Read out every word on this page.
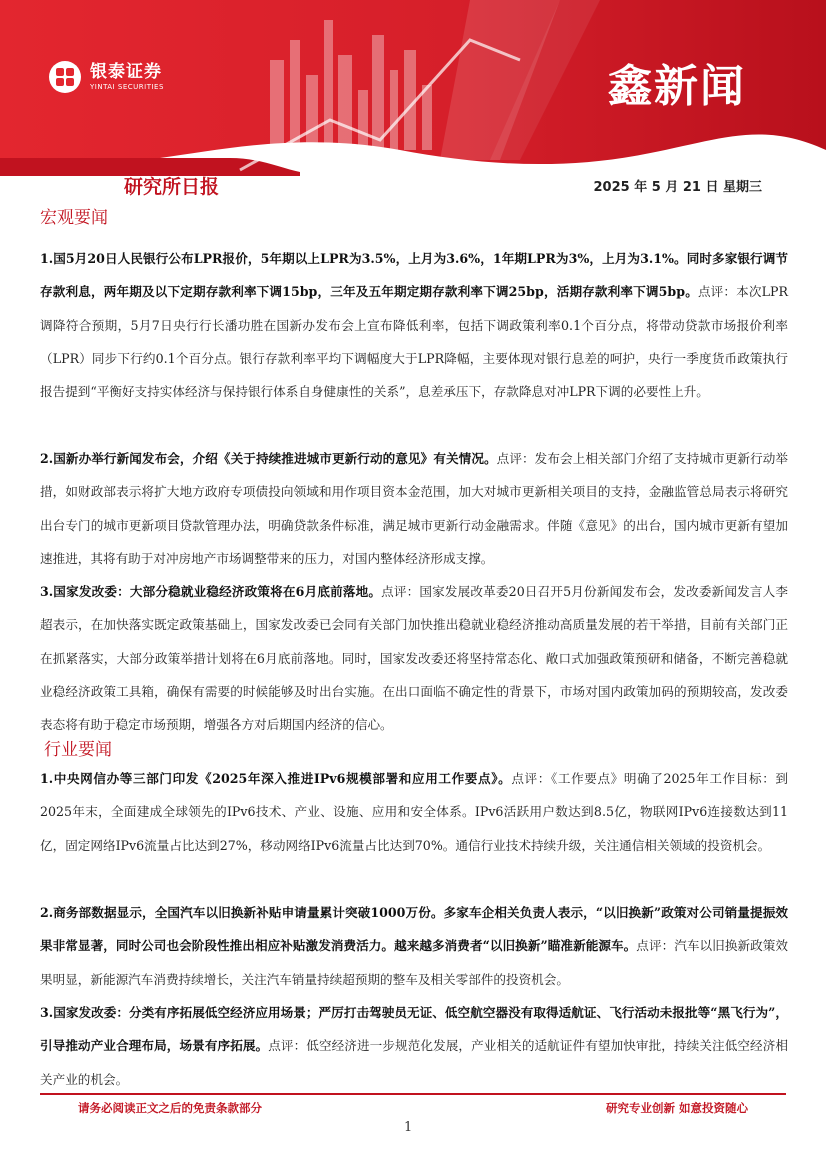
银泰证券
YINTAI SECURITIES	鑫新闻
研究所日报	2025 年 5 月 21 日 星期三
宏观要闻

1.国5月20日人民银行公布LPR报价，5年期以上LPR为3.5%，上月为3.6%，1年期LPR为3%，上月为3.1%。同时多家银行调节存款利息，两年期及以下定期存款利率下调15bp，三年及五年期定期存款利率下调25bp，活期存款利率下调5bp。点评：本次LPR调降符合预期，5月7日央行行长潘功胜在国新办发布会上宣布降低利率，包括下调政策利率0.1个百分点，将带动贷款市场报价利率（LPR）同步下行约0.1个百分点。银行存款利率平均下调幅度大于LPR降幅，主要体现对银行息差的呵护，央行一季度货币政策执行报告提到“平衡好支持实体经济与保持银行体系自身健康性的关系”，息差承压下，存款降息对冲LPR下调的必要性上升。

2.国新办举行新闻发布会，介绍《关于持续推进城市更新行动的意见》有关情况。点评：发布会上相关部门介绍了支持城市更新行动举措，如财政部表示将扩大地方政府专项债投向领域和用作项目资本金范围，加大对城市更新相关项目的支持，金融监管总局表示将研究出台专门的城市更新项目贷款管理办法，明确贷款条件标准，满足城市更新行动金融需求。伴随《意见》的出台，国内城市更新有望加速推进，其将有助于对冲房地产市场调整带来的压力，对国内整体经济形成支撑。

3.国家发改委：大部分稳就业稳经济政策将在6月底前落地。点评：国家发展改革委20日召开5月份新闻发布会，发改委新闻发言人李超表示，在加快落实既定政策基础上，国家发改委已会同有关部门加快推出稳就业稳经济推动高质量发展的若干举措，目前有关部门正在抓紧落实，大部分政策举措计划将在6月底前落地。同时，国家发改委还将坚持常态化、敞口式加强政策预研和储备，不断完善稳就业稳经济政策工具箱，确保有需要的时候能够及时出台实施。在出口面临不确定性的背景下，市场对国内政策加码的预期较高，发改委表态将有助于稳定市场预期，增强各方对后期国内经济的信心。

行业要闻

1.中央网信办等三部门印发《2025年深入推进IPv6规模部署和应用工作要点》。点评：《工作要点》明确了2025年工作目标：到2025年末，全面建成全球领先的IPv6技术、产业、设施、应用和安全体系。IPv6活跃用户数达到8.5亿，物联网IPv6连接数达到11亿，固定网络IPv6流量占比达到27%，移动网络IPv6流量占比达到70%。通信行业技术持续升级，关注通信相关领域的投资机会。

2.商务部数据显示，全国汽车以旧换新补贴申请量累计突破1000万份。多家车企相关负责人表示，“以旧换新”政策对公司销量提振效果非常显著，同时公司也会阶段性推出相应补贴激发消费活力。越来越多消费者“以旧换新”瞄准新能源车。点评：汽车以旧换新政策效果明显，新能源汽车消费持续增长，关注汽车销量持续超预期的整车及相关零部件的投资机会。

3.国家发改委：分类有序拓展低空经济应用场景；严厉打击驾驶员无证、低空航空器没有取得适航证、飞行活动未报批等“黑飞行为”，引导推动产业合理布局，场景有序拓展。点评：低空经济进一步规范化发展，产业相关的适航证件有望加快审批，持续关注低空经济相关产业的机会。

请务必阅读正文之后的免责条款部分	研究专业创新 如意投资随心
1
